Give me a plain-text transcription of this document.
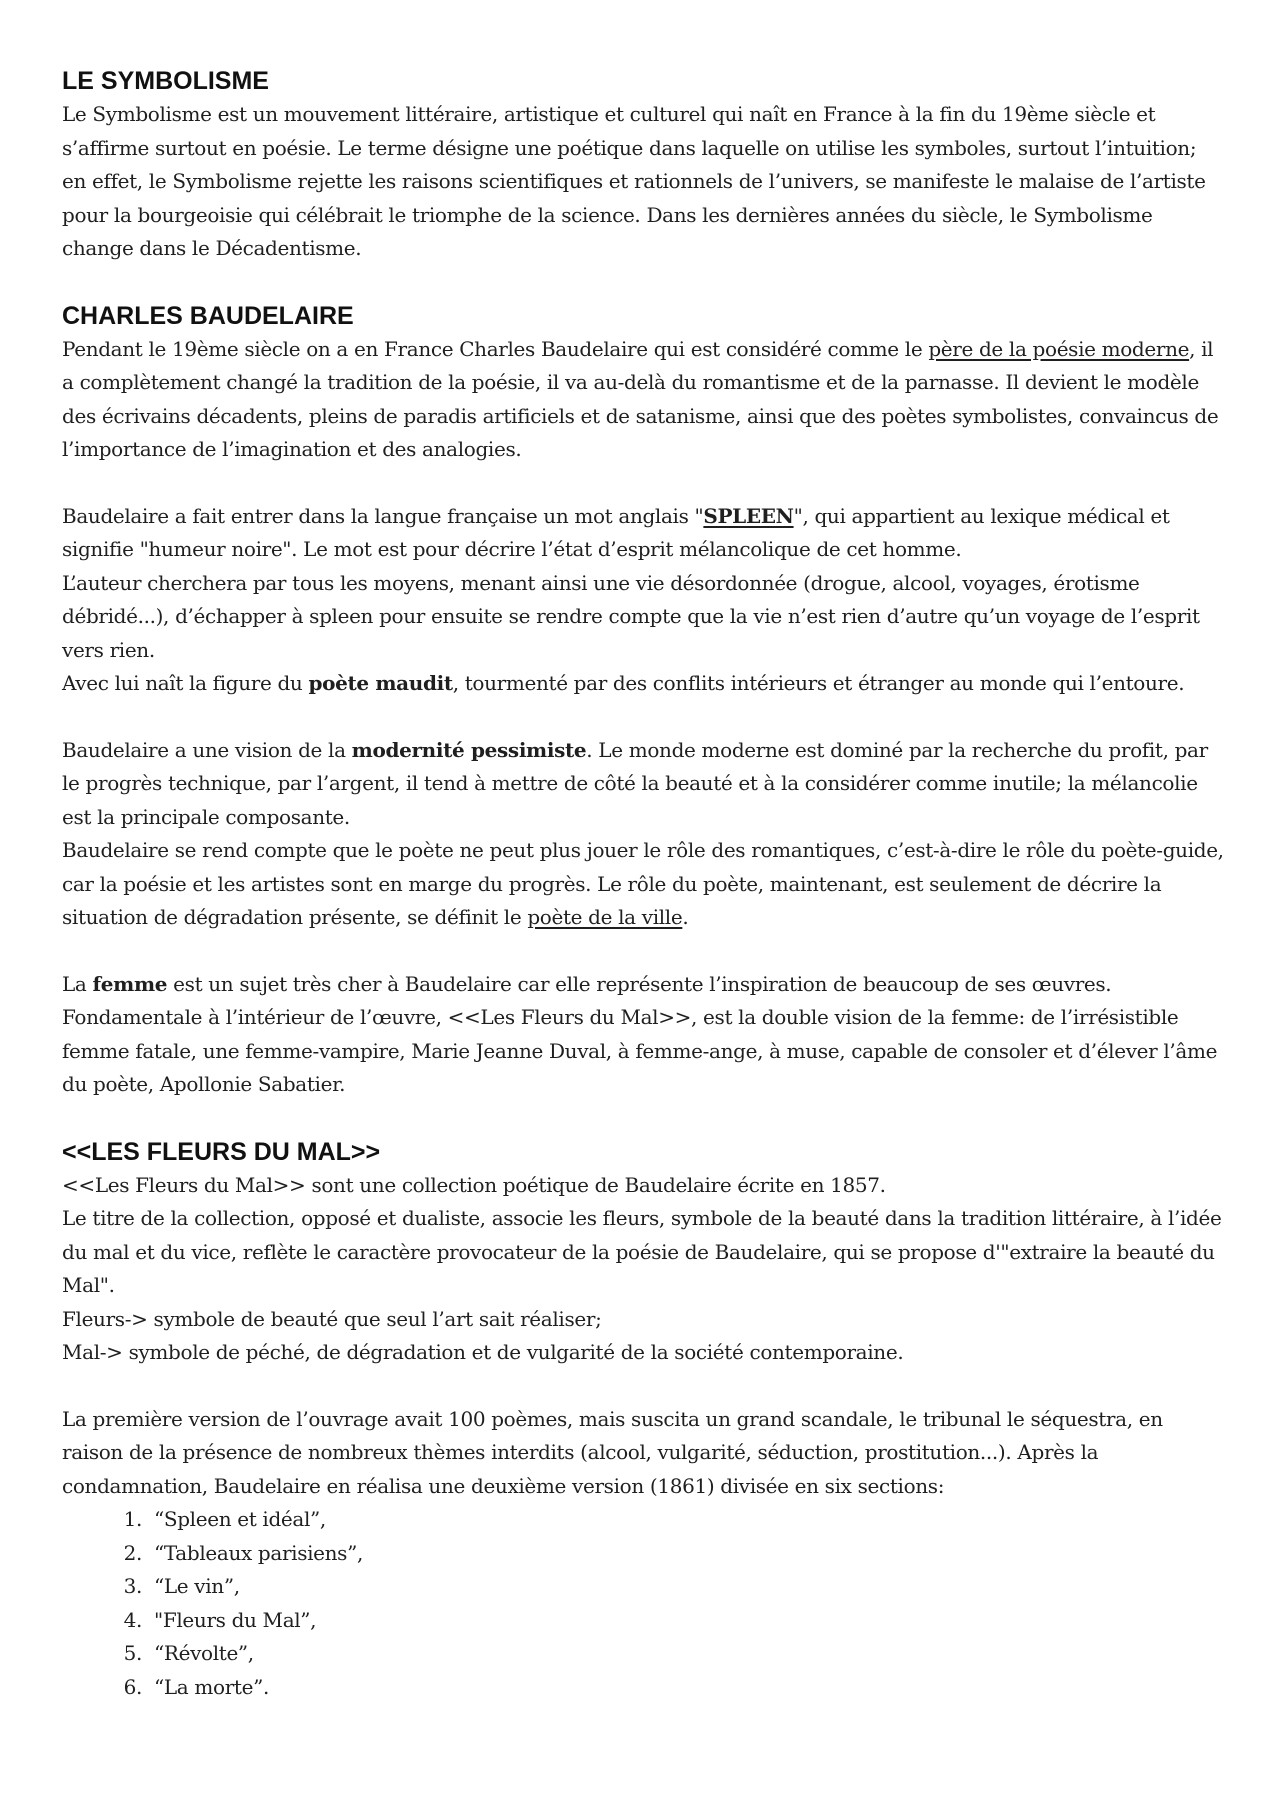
LE SYMBOLISME

Le Symbolisme est un mouvement littéraire, artistique et culturel qui naît en France à la fin du 19ème siècle et s’affirme surtout en poésie. Le terme désigne une poétique dans laquelle on utilise les symboles, surtout l’intuition; en effet, le Symbolisme rejette les raisons scientifiques et rationnels de l’univers, se manifeste le malaise de l’artiste pour la bourgeoisie qui célébrait le triomphe de la science. Dans les dernières années du siècle, le Symbolisme change dans le Décadentisme.

CHARLES BAUDELAIRE

Pendant le 19ème siècle on a en France Charles Baudelaire qui est considéré comme le père de la poésie moderne, il a complètement changé la tradition de la poésie, il va au-delà du romantisme et de la parnasse. Il devient le modèle des écrivains décadents, pleins de paradis artificiels et de satanisme, ainsi que des poètes symbolistes, convaincus de l’importance de l’imagination et des analogies.

Baudelaire a fait entrer dans la langue française un mot anglais "SPLEEN", qui appartient au lexique médical et signifie "humeur noire". Le mot est pour décrire l’état d’esprit mélancolique de cet homme.

L’auteur cherchera par tous les moyens, menant ainsi une vie désordonnée (drogue, alcool, voyages, érotisme débridé...), d’échapper à spleen pour ensuite se rendre compte que la vie n’est rien d’autre qu’un voyage de l’esprit vers rien.

Avec lui naît la figure du poète maudit, tourmenté par des conflits intérieurs et étranger au monde qui l’entoure.

Baudelaire a une vision de la modernité pessimiste. Le monde moderne est dominé par la recherche du profit, par le progrès technique, par l’argent, il tend à mettre de côté la beauté et à la considérer comme inutile; la mélancolie est la principale composante.

Baudelaire se rend compte que le poète ne peut plus jouer le rôle des romantiques, c’est-à-dire le rôle du poète-guide, car la poésie et les artistes sont en marge du progrès. Le rôle du poète, maintenant, est seulement de décrire la situation de dégradation présente, se définit le poète de la ville.

La femme est un sujet très cher à Baudelaire car elle représente l’inspiration de beaucoup de ses œuvres.

Fondamentale à l’intérieur de l’œuvre, <<Les Fleurs du Mal>>, est la double vision de la femme: de l’irrésistible femme fatale, une femme-vampire, Marie Jeanne Duval, à femme-ange, à muse, capable de consoler et d’élever l’âme du poète, Apollonie Sabatier.

<<LES FLEURS DU MAL>>

<<Les Fleurs du Mal>> sont une collection poétique de Baudelaire écrite en 1857.

Le titre de la collection, opposé et dualiste, associe les fleurs, symbole de la beauté dans la tradition littéraire, à l’idée du mal et du vice, reflète le caractère provocateur de la poésie de Baudelaire, qui se propose d'"extraire la beauté du Mal".

Fleurs-> symbole de beauté que seul l’art sait réaliser;

Mal-> symbole de péché, de dégradation et de vulgarité de la société contemporaine.

La première version de l’ouvrage avait 100 poèmes, mais suscita un grand scandale, le tribunal le séquestra, en raison de la présence de nombreux thèmes interdits (alcool, vulgarité, séduction, prostitution...). Après la condamnation, Baudelaire en réalisa une deuxième version (1861) divisée en six sections:

1. “Spleen et idéal”,
2. “Tableaux parisiens”,
3. “Le vin”,
4. "Fleurs du Mal”,
5. “Révolte”,
6. “La morte”.
